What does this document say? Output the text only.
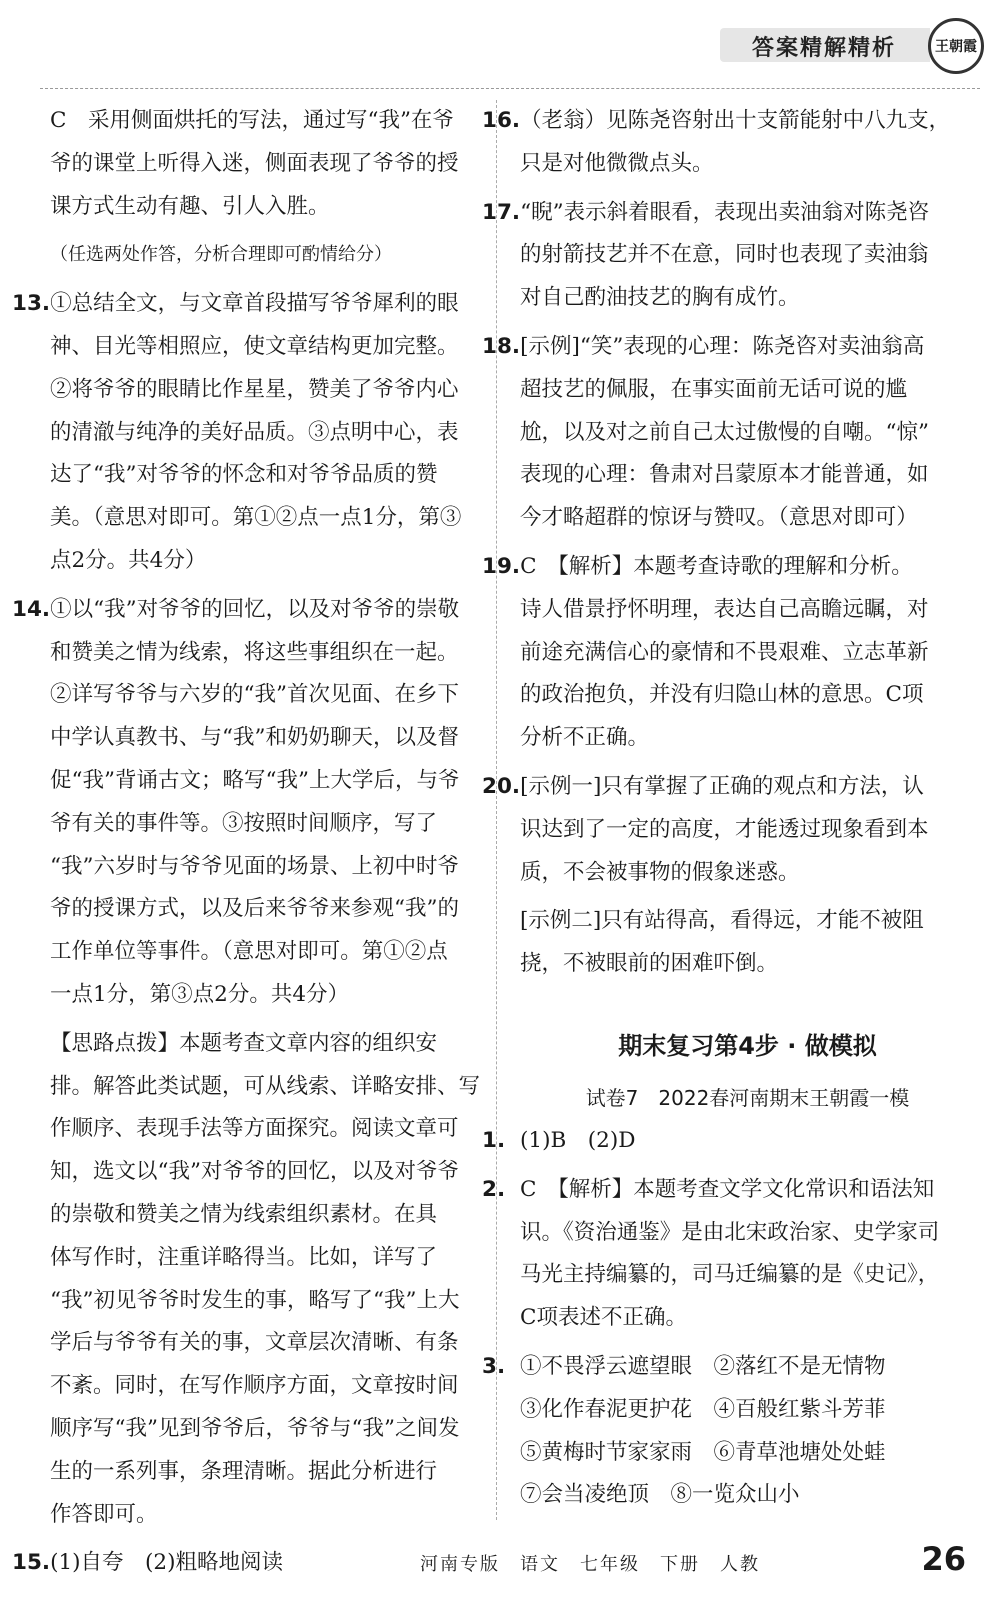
答案精解精析	王朝霞
C　采用侧面烘托的写法，通过写“我”在爷
爷的课堂上听得入迷，侧面表现了爷爷的授
课方式生动有趣、引人入胜。
（任选两处作答，分析合理即可酌情给分）
13.①总结全文，与文章首段描写爷爷犀利的眼
神、目光等相照应，使文章结构更加完整。
②将爷爷的眼睛比作星星，赞美了爷爷内心
的清澈与纯净的美好品质。③点明中心，表
达了“我”对爷爷的怀念和对爷爷品质的赞
美。（意思对即可。第①②点一点1分，第③
点2分。共4分）
14.①以“我”对爷爷的回忆，以及对爷爷的崇敬
和赞美之情为线索，将这些事组织在一起。
②详写爷爷与六岁的“我”首次见面、在乡下
中学认真教书、与“我”和奶奶聊天，以及督
促“我”背诵古文；略写“我”上大学后，与爷
爷有关的事件等。③按照时间顺序，写了
“我”六岁时与爷爷见面的场景、上初中时爷
爷的授课方式，以及后来爷爷来参观“我”的
工作单位等事件。（意思对即可。第①②点
一点1分，第③点2分。共4分）
【思路点拨】本题考查文章内容的组织安
排。解答此类试题，可从线索、详略安排、写
作顺序、表现手法等方面探究。阅读文章可
知，选文以“我”对爷爷的回忆，以及对爷爷
的崇敬和赞美之情为线索组织素材。在具
体写作时，注重详略得当。比如，详写了
“我”初见爷爷时发生的事，略写了“我”上大
学后与爷爷有关的事，文章层次清晰、有条
不紊。同时，在写作顺序方面，文章按时间
顺序写“我”见到爷爷后，爷爷与“我”之间发
生的一系列事，条理清晰。据此分析进行
作答即可。
15.(1)自夸　(2)粗略地阅读
16.（老翁）见陈尧咨射出十支箭能射中八九支，
只是对他微微点头。
17.“睨”表示斜着眼看，表现出卖油翁对陈尧咨
的射箭技艺并不在意，同时也表现了卖油翁
对自己酌油技艺的胸有成竹。
18.[示例]“笑”表现的心理：陈尧咨对卖油翁高
超技艺的佩服，在事实面前无话可说的尴
尬，以及对之前自己太过傲慢的自嘲。“惊”
表现的心理：鲁肃对吕蒙原本才能普通，如
今才略超群的惊讶与赞叹。（意思对即可）
19.C　【解析】本题考查诗歌的理解和分析。
诗人借景抒怀明理，表达自己高瞻远瞩，对
前途充满信心的豪情和不畏艰难、立志革新
的政治抱负，并没有归隐山林的意思。C项
分析不正确。
20.[示例一]只有掌握了正确的观点和方法，认
识达到了一定的高度，才能透过现象看到本
质，不会被事物的假象迷惑。
[示例二]只有站得高，看得远，才能不被阻
挠，不被眼前的困难吓倒。
期末复习第4步 · 做模拟
试卷7　2022春河南期末王朝霞一模
1. (1)B　(2)D
2. C　【解析】本题考查文学文化常识和语法知
识。《资治通鉴》是由北宋政治家、史学家司
马光主持编纂的，司马迁编纂的是《史记》，
C项表述不正确。
3. ①不畏浮云遮望眼　②落红不是无情物
③化作春泥更护花　④百般红紫斗芳菲
⑤黄梅时节家家雨　⑥青草池塘处处蛙
⑦会当凌绝顶　⑧一览众山小
河南专版　语文　七年级　下册　人教	26
